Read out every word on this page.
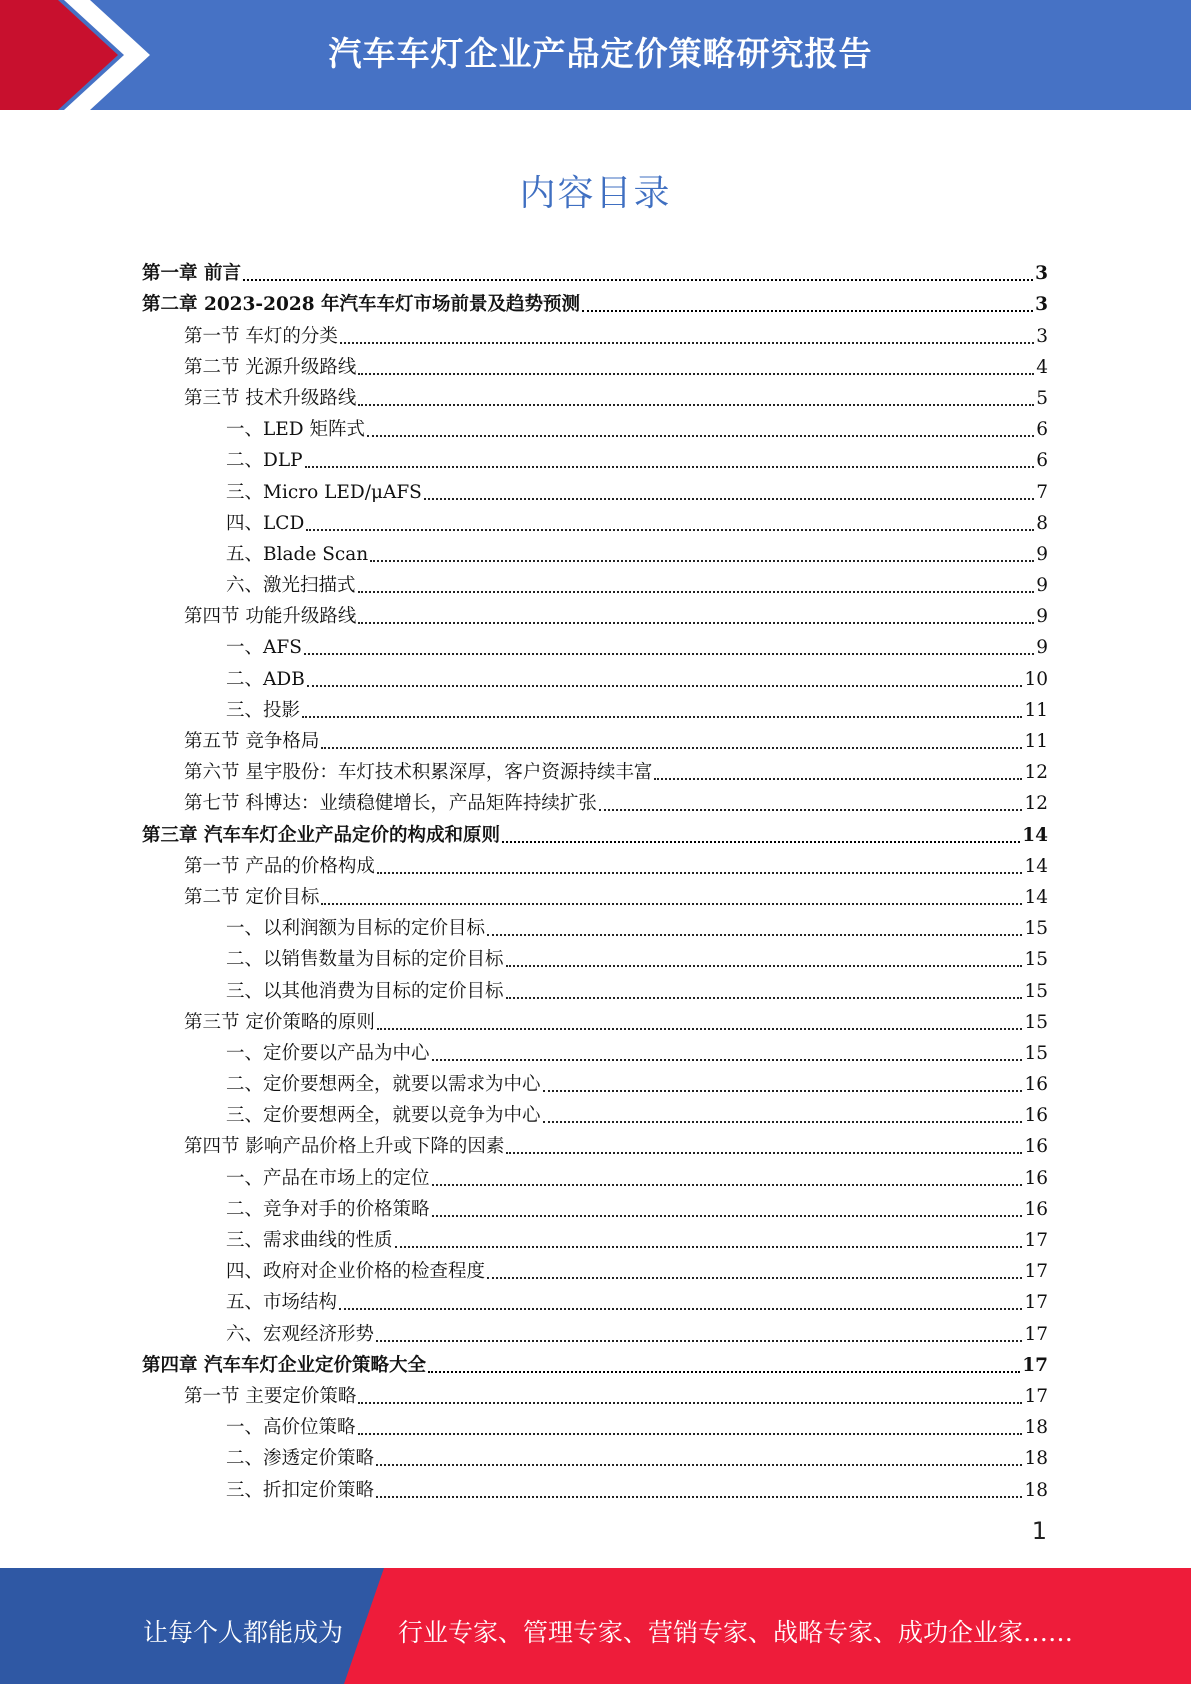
汽车车灯企业产品定价策略研究报告
内容目录
第一章 前言	3
第二章 2023-2028 年汽车车灯市场前景及趋势预测	3
第一节 车灯的分类	3
第二节 光源升级路线	4
第三节 技术升级路线	5
一、LED 矩阵式	6
二、DLP	6
三、Micro LED/μAFS	7
四、LCD	8
五、Blade Scan	9
六、激光扫描式	9
第四节 功能升级路线	9
一、AFS	9
二、ADB	10
三、投影	11
第五节 竞争格局	11
第六节 星宇股份：车灯技术积累深厚，客户资源持续丰富	12
第七节 科博达：业绩稳健增长，产品矩阵持续扩张	12
第三章 汽车车灯企业产品定价的构成和原则	14
第一节 产品的价格构成	14
第二节 定价目标	14
一、以利润额为目标的定价目标	15
二、以销售数量为目标的定价目标	15
三、以其他消费为目标的定价目标	15
第三节 定价策略的原则	15
一、定价要以产品为中心	15
二、定价要想两全，就要以需求为中心	16
三、定价要想两全，就要以竞争为中心	16
第四节 影响产品价格上升或下降的因素	16
一、产品在市场上的定位	16
二、竞争对手的价格策略	16
三、需求曲线的性质	17
四、政府对企业价格的检查程度	17
五、市场结构	17
六、宏观经济形势	17
第四章 汽车车灯企业定价策略大全	17
第一节 主要定价策略	17
一、高价位策略	18
二、渗透定价策略	18
三、折扣定价策略	18
1
让每个人都能成为 行业专家、管理专家、营销专家、战略专家、成功企业家……
